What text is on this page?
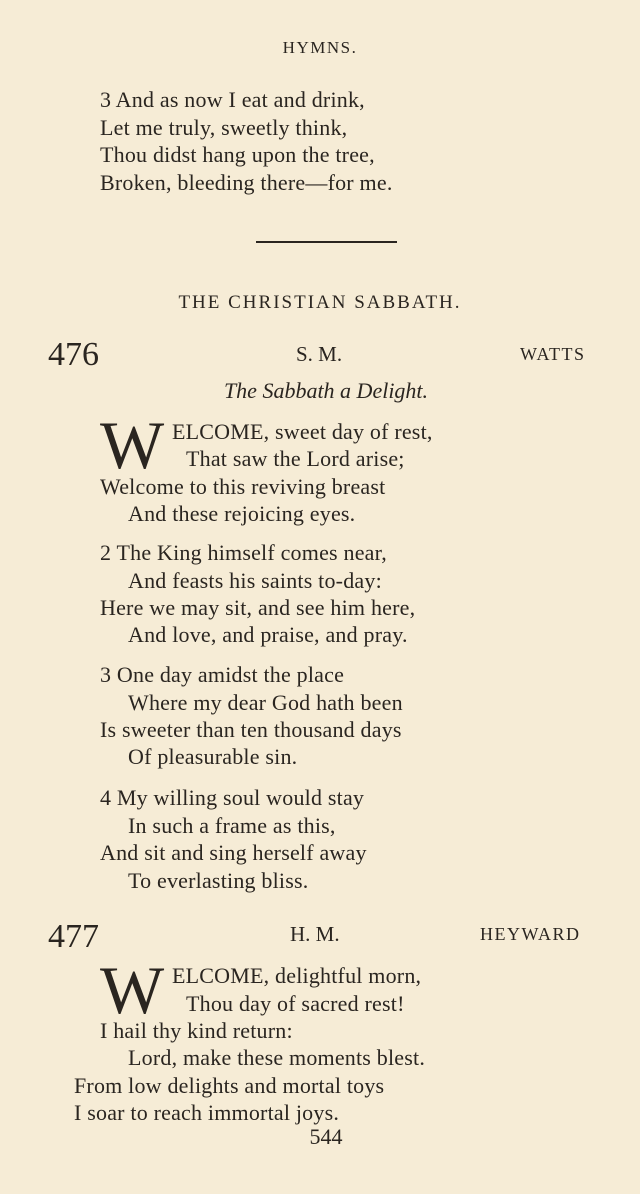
HYMNS.
3 And as now I eat and drink,
Let me truly, sweetly think,
Thou didst hang upon the tree,
Broken, bleeding there—for me.
THE CHRISTIAN SABBATH.
476	S. M.	WATTS
The Sabbath a Delight.
W ELCOME, sweet day of rest,
That saw the Lord arise;
Welcome to this reviving breast
And these rejoicing eyes.
2 The King himself comes near,
And feasts his saints to-day:
Here we may sit, and see him here,
And love, and praise, and pray.
3 One day amidst the place
Where my dear God hath been
Is sweeter than ten thousand days
Of pleasurable sin.
4 My willing soul would stay
In such a frame as this,
And sit and sing herself away
To everlasting bliss.
477	H. M.	HEYWARD
W ELCOME, delightful morn,
Thou day of sacred rest!
I hail thy kind return:
Lord, make these moments blest.
From low delights and mortal toys
I soar to reach immortal joys.
544
